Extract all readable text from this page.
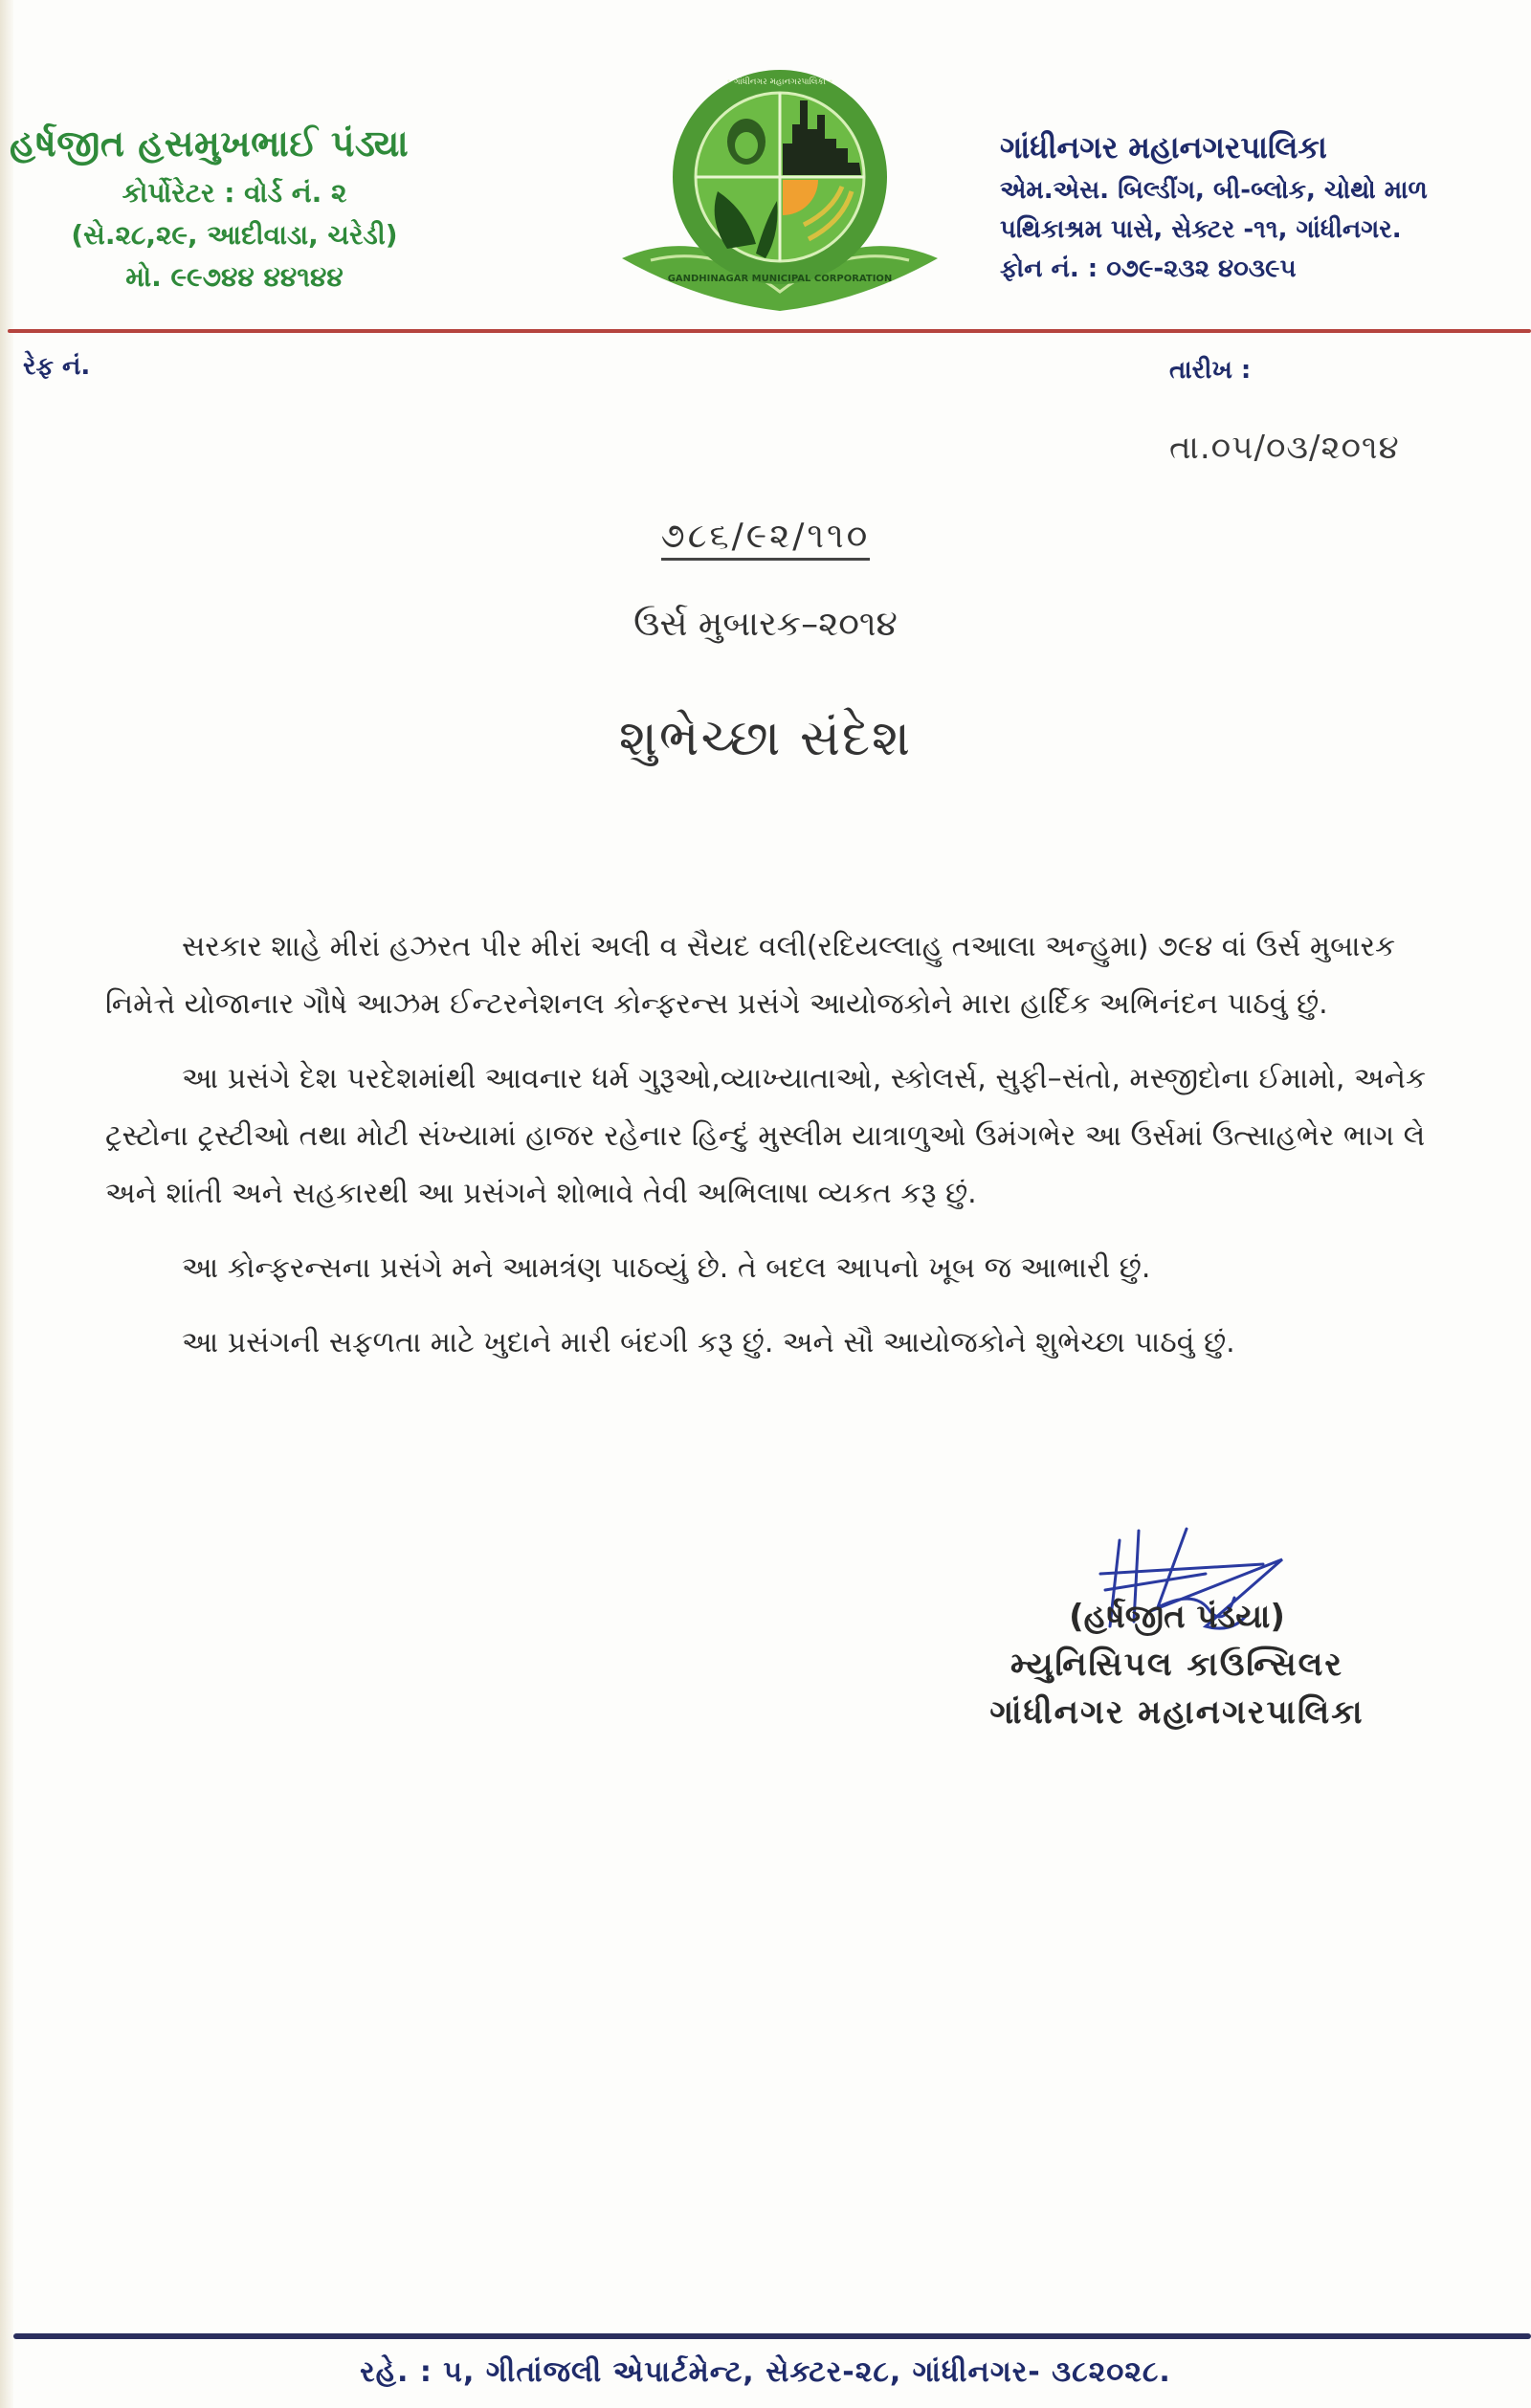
હર્ષજીત હસમુખભાઈ પંડ્યા
કોર્પોરેટર : વોર્ડ નં. ૨
(સે.૨૮,૨૯, આદીવાડા, ચરેડી)
મો. ૯૯૭૪૪ ૪૪૧૪૪
• ગાંધીનગર મહાનગરપાલિકા •
GANDHINAGAR MUNICIPAL CORPORATION
ગાંધીનગર મહાનગરપાલિકા
એમ.એસ. બિલ્ડીંગ, બી-બ્લોક, ચોથો માળ
પથિકાશ્રમ પાસે, સેક્ટર -૧૧, ગાંધીનગર.
ફોન નં. : ૦૭૯-૨૩૨ ૪૦૩૯૫
રેફ નં.	તારીખ :
તા.૦૫/૦૩/૨૦૧૪
૭૮૬/૯૨/૧૧૦
ઉર્સ મુબારક–૨૦૧૪
શુભેચ્છા સંદેશ

સરકાર શાહે મીરાં હઝરત પીર મીરાં અલી વ સૈયદ વલી(રદિયલ્લાહુ તઆલા અન્હુમા) ૭૯૪ વાં ઉર્સ મુબારક નિમેત્તે યોજાનાર ગૌષે આઝમ ઈન્ટરનેશનલ કોન્ફરન્સ પ્રસંગે આયોજકોને મારા હાર્દિક અભિનંદન પાઠવું છું.

આ પ્રસંગે દેશ પરદેશમાંથી આવનાર ધર્મ ગુરૂઓ,વ્યાખ્યાતાઓ, સ્કોલર્સ, સુફી–સંતો, મસ્જીદોના ઈમામો, અનેક ટ્રસ્ટોના ટ્રસ્ટીઓ તથા મોટી સંખ્યામાં હાજર રહેનાર હિન્દું મુસ્લીમ યાત્રાળુઓ ઉમંગભેર આ ઉર્સમાં ઉત્સાહભેર ભાગ લે અને શાંતી અને સહકારથી આ પ્રસંગને શોભાવે તેવી અભિલાષા વ્યકત કરૂ છું.

આ કોન્ફરન્સના પ્રસંગે મને આમત્રંણ પાઠવ્યું છે. તે બદલ આપનો ખૂબ જ આભારી છું.

આ પ્રસંગની સફળતા માટે ખુદાને મારી બંદગી કરૂ છું. અને સૌ આયોજકોને શુભેચ્છા પાઠવું છું.

(હર્ષજીત પંડયા)
મ્યુનિસિપલ કાઉન્સિલર
ગાંધીનગર મહાનગરપાલિકા
રહે. : ૫, ગીતાંજલી એપાર્ટમેન્ટ, સેક્ટર-૨૮, ગાંધીનગર- ૩૮૨૦૨૮.
